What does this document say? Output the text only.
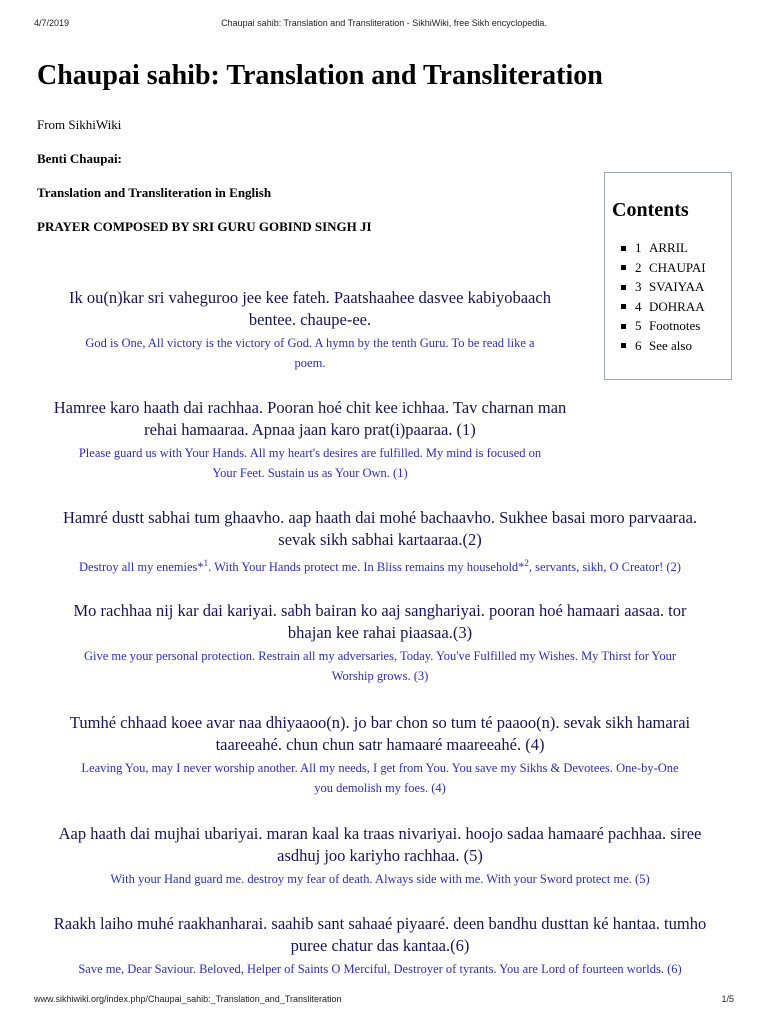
4/7/2019	Chaupai sahib: Translation and Transliteration - SikhiWiki, free Sikh encyclopedia.
Chaupai sahib: Translation and Transliteration
From SikhiWiki
Benti Chaupai:
Translation and Transliteration in English
PRAYER COMPOSED BY SRI GURU GOBIND SINGH JI
Contents
1 ARRIL
2 CHAUPAI
3 SVAIYAA
4 DOHRAA
5 Footnotes
6 See also
Ik ou(n)kar sri vaheguroo jee kee fateh. Paatshaahee dasvee kabiyobaach
bentee. chaupe-ee.
God is One, All victory is the victory of God. A hymn by the tenth Guru. To be read like a
poem.
Hamree karo haath dai rachhaa. Pooran hoé chit kee ichhaa. Tav charnan man
rehai hamaaraa. Apnaa jaan karo prat(i)paaraa. (1)
Please guard us with Your Hands. All my heart's desires are fulfilled. My mind is focused on
Your Feet. Sustain us as Your Own. (1)
Hamré dustt sabhai tum ghaavho. aap haath dai mohé bachaavho. Sukhee basai moro parvaaraa.
sevak sikh sabhai kartaaraa.(2)
Destroy all my enemies*$^1$. With Your Hands protect me. In Bliss remains my household*$^2$, servants, sikh, O Creator! (2)
Mo rachhaa nij kar dai kariyai. sabh bairan ko aaj sanghariyai. pooran hoé hamaari aasaa. tor
bhajan kee rahai piaasaa.(3)
Give me your personal protection. Restrain all my adversaries, Today. You've Fulfilled my Wishes. My Thirst for Your
Worship grows. (3)
Tumhé chhaad koee avar naa dhiyaaoo(n). jo bar chon so tum té paaoo(n). sevak sikh hamarai
taareeahé. chun chun satr hamaaré maareeahé. (4)
Leaving You, may I never worship another. All my needs, I get from You. You save my Sikhs & Devotees. One-by-One
you demolish my foes. (4)
Aap haath dai mujhai ubariyai. maran kaal ka traas nivariyai. hoojo sadaa hamaaré pachhaa. siree
asdhuj joo kariyho rachhaa. (5)
With your Hand guard me. destroy my fear of death. Always side with me. With your Sword protect me. (5)
Raakh laiho muhé raakhanharai. saahib sant sahaaé piyaaré. deen bandhu dusttan ké hantaa. tumho
puree chatur das kantaa.(6)
Save me, Dear Saviour. Beloved, Helper of Saints O Merciful, Destroyer of tyrants. You are Lord of fourteen worlds. (6)
www.sikhiwiki.org/index.php/Chaupai_sahib:_Translation_and_Transliteration	1/5
